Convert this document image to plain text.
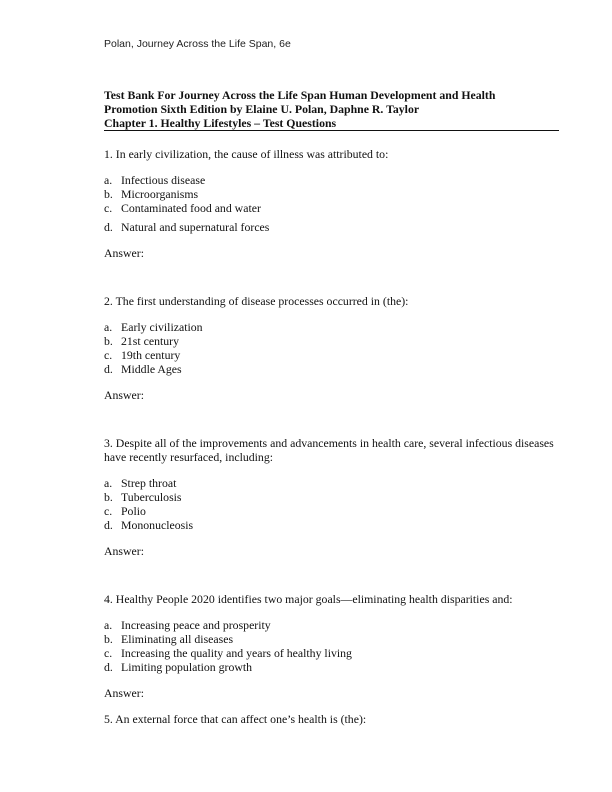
Polan, Journey Across the Life Span, 6e
Test Bank For Journey Across the Life Span Human Development and Health
Promotion Sixth Edition by Elaine U. Polan, Daphne R. Taylor
Chapter 1. Healthy Lifestyles – Test Questions

1. In early civilization, the cause of illness was attributed to:

a. Infectious disease
b. Microorganisms
c. Contaminated food and water
d. Natural and supernatural forces
Answer:

2. The first understanding of disease processes occurred in (the):

a. Early civilization
b. 21st century
c. 19th century
d. Middle Ages
Answer:

3. Despite all of the improvements and advancements in health care, several infectious diseases have recently resurfaced, including:

a. Strep throat
b. Tuberculosis
c. Polio
d. Mononucleosis
Answer:

4. Healthy People 2020 identifies two major goals—eliminating health disparities and:

a. Increasing peace and prosperity
b. Eliminating all diseases
c. Increasing the quality and years of healthy living
d. Limiting population growth
Answer:

5. An external force that can affect one’s health is (the):
